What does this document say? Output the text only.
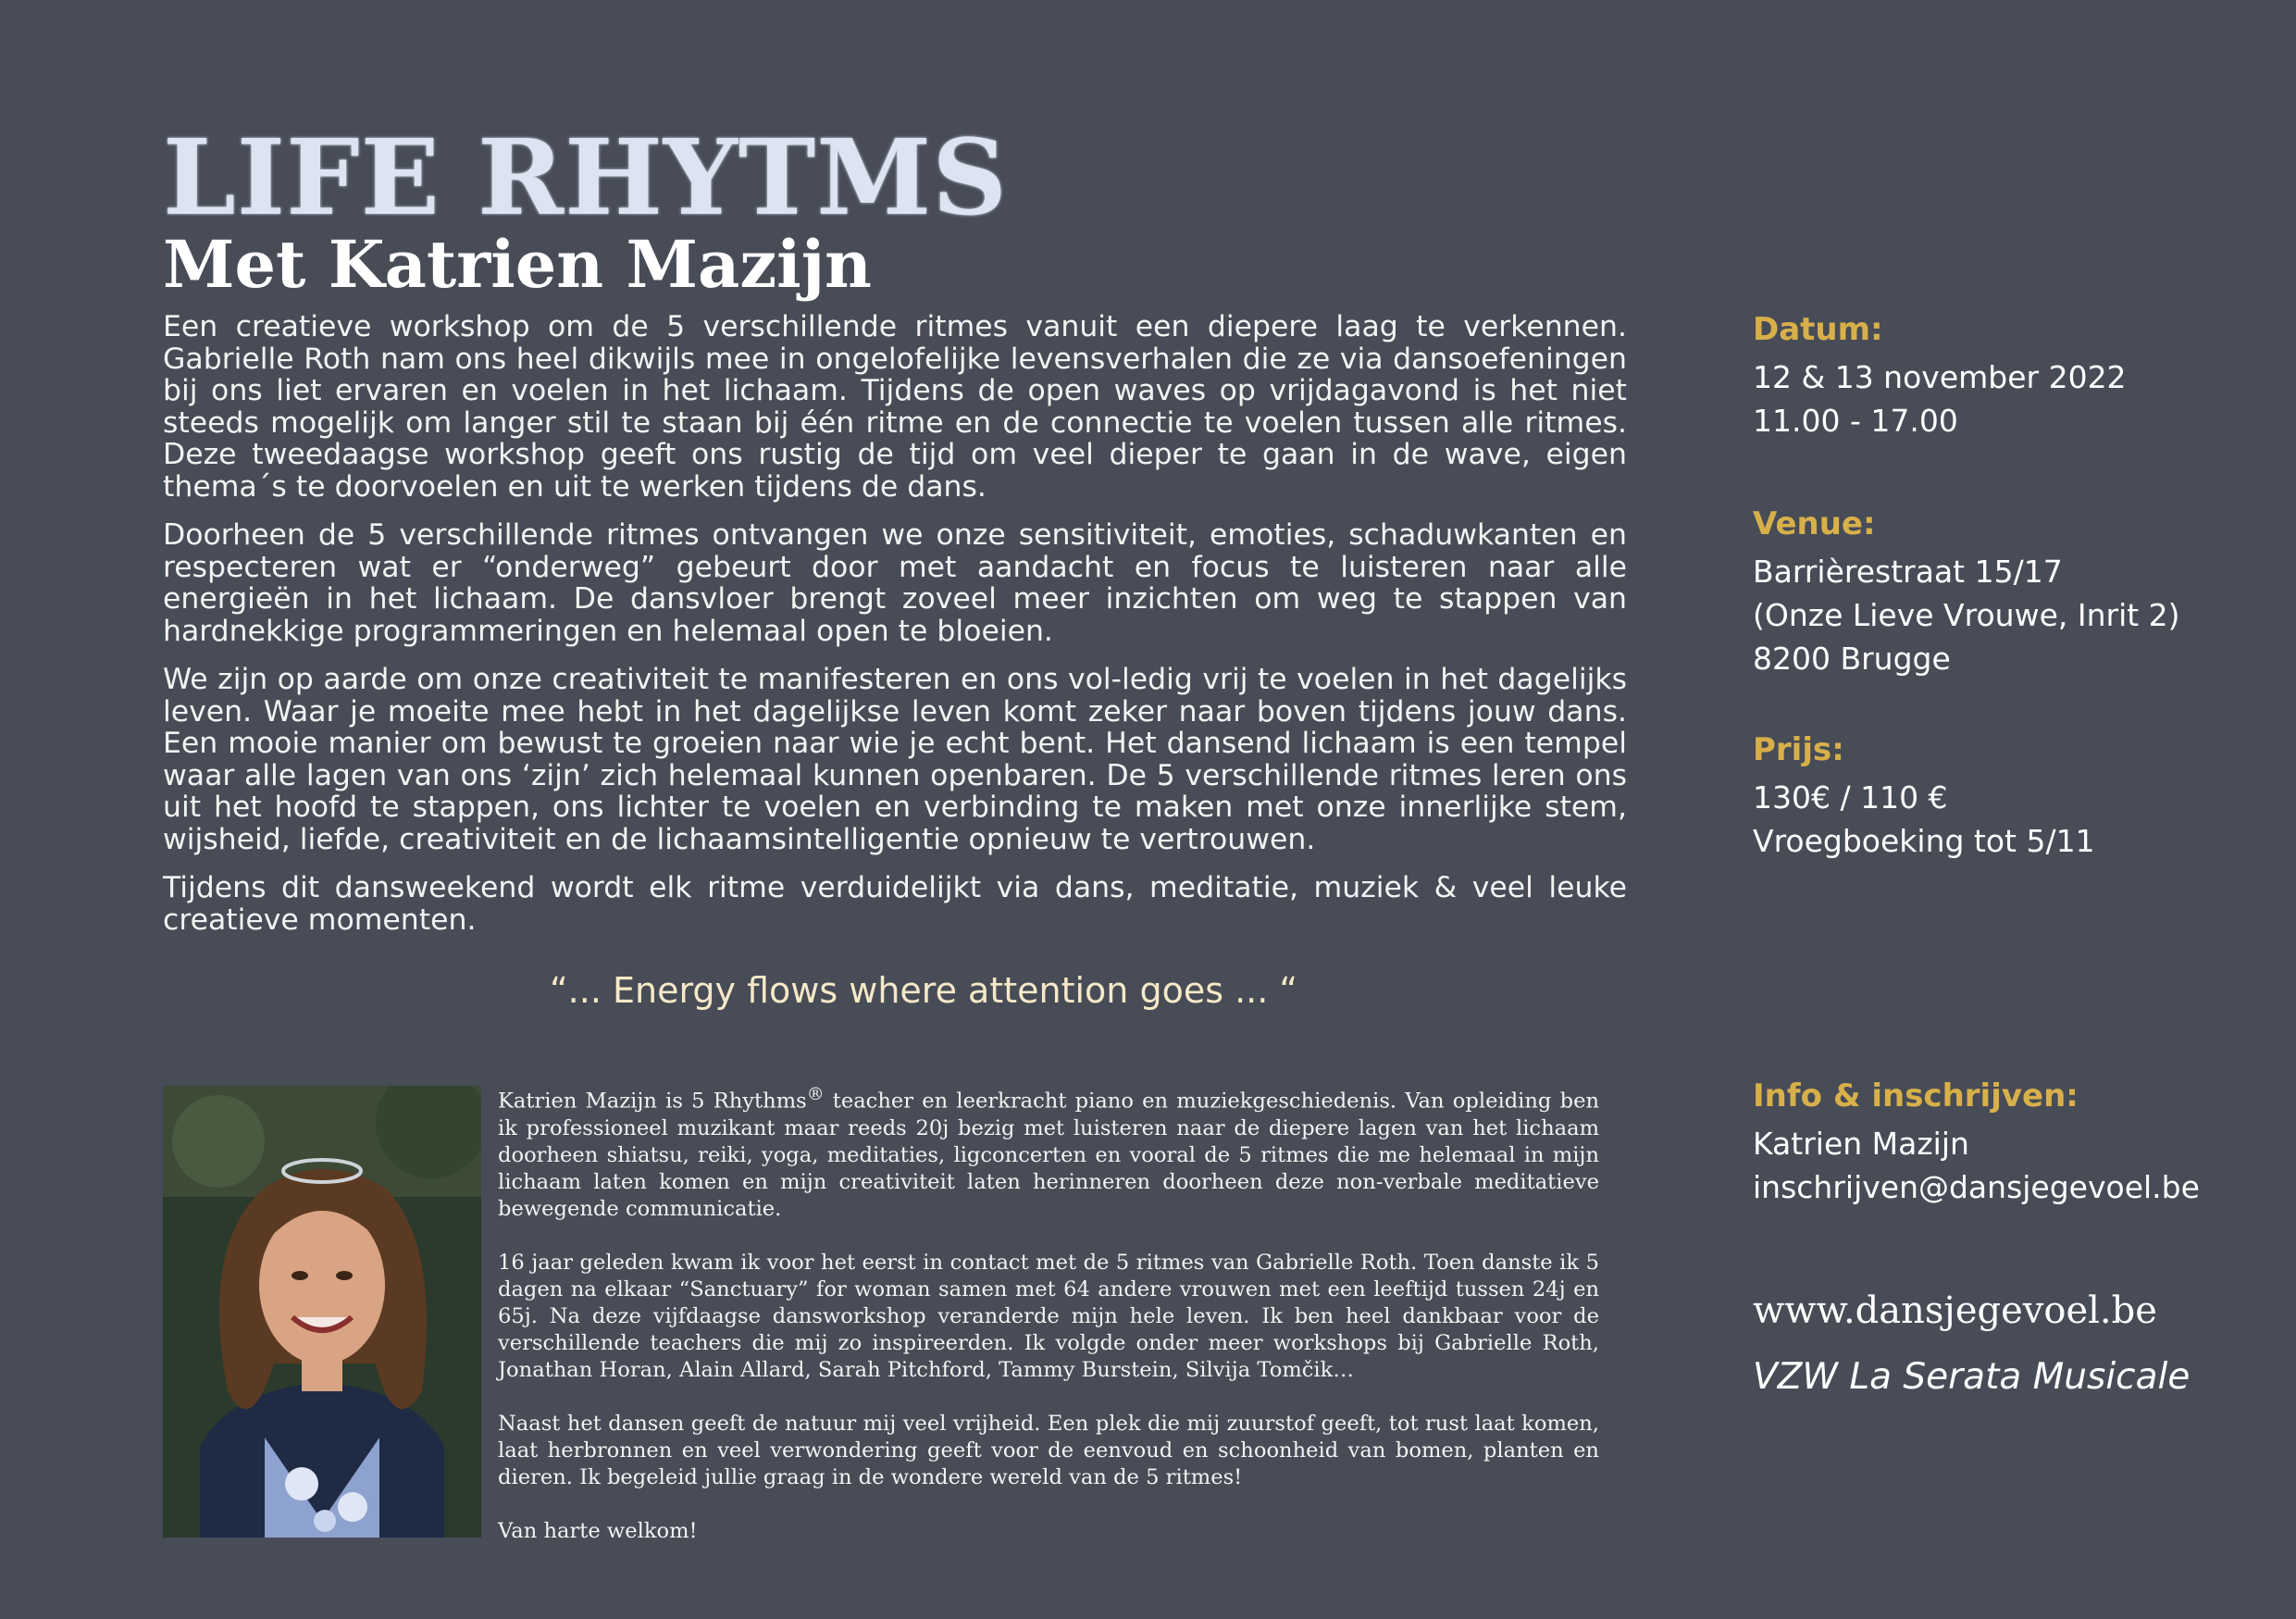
LIFE RHYTMS
Met Katrien Mazijn

Een creatieve workshop om de 5 verschillende ritmes vanuit een diepere laag te verkennen. Gabrielle Roth nam ons heel dikwijls mee in ongelofelijke levensverhalen die ze via dansoefeningen bij ons liet ervaren en voelen in het lichaam. Tijdens de open waves op vrijdagavond is het niet steeds mogelijk om langer stil te staan bij één ritme en de connectie te voelen tussen alle ritmes. Deze tweedaagse workshop geeft ons rustig de tijd om veel dieper te gaan in de wave, eigen thema´s te doorvoelen en uit te werken tijdens de dans.

Doorheen de 5 verschillende ritmes ontvangen we onze sensitiviteit, emoties, schaduwkanten en respecteren wat er “onderweg” gebeurt door met aandacht en focus te luisteren naar alle energieën in het lichaam. De dansvloer brengt zoveel meer inzichten om weg te stappen van hardnekkige programmeringen en helemaal open te bloeien.

We zijn op aarde om onze creativiteit te manifesteren en ons vol-ledig vrij te voelen in het dagelijks leven. Waar je moeite mee hebt in het dagelijkse leven komt zeker naar boven tijdens jouw dans. Een mooie manier om bewust te groeien naar wie je echt bent. Het dansend lichaam is een tempel waar alle lagen van ons ‘zijn’ zich helemaal kunnen openbaren. De 5 verschillende ritmes leren ons uit het hoofd te stappen, ons lichter te voelen en verbinding te maken met onze innerlijke stem, wijsheid, liefde, creativiteit en de lichaamsintelligentie opnieuw te vertrouwen.

Tijdens dit dansweekend wordt elk ritme verduidelijkt via dans, meditatie, muziek & veel leuke creatieve momenten.

“... Energy flows where attention goes ... “

Katrien Mazijn is 5 Rhythms® teacher en leerkracht piano en muziekgeschiedenis. Van opleiding ben ik professioneel muzikant maar reeds 20j bezig met luisteren naar de diepere lagen van het lichaam doorheen shiatsu, reiki, yoga, meditaties, ligconcerten en vooral de 5 ritmes die me helemaal in mijn lichaam laten komen en mijn creativiteit laten herinneren doorheen deze non-verbale meditatieve bewegende communicatie.

16 jaar geleden kwam ik voor het eerst in contact met de 5 ritmes van Gabrielle Roth. Toen danste ik 5 dagen na elkaar “Sanctuary” for woman samen met 64 andere vrouwen met een leeftijd tussen 24j en 65j. Na deze vijfdaagse dansworkshop veranderde mijn hele leven. Ik ben heel dankbaar voor de verschillende teachers die mij zo inspireerden. Ik volgde onder meer workshops bij Gabrielle Roth, Jonathan Horan, Alain Allard, Sarah Pitchford, Tammy Burstein, Silvija Tomčik…

Naast het dansen geeft de natuur mij veel vrijheid. Een plek die mij zuurstof geeft, tot rust laat komen, laat herbronnen en veel verwondering geeft voor de eenvoud en schoonheid van bomen, planten en dieren. Ik begeleid jullie graag in de wondere wereld van de 5 ritmes!

Van harte welkom!

Datum:
12 & 13 november 2022
11.00 - 17.00
Venue:
Barrièrestraat 15/17
(Onze Lieve Vrouwe, Inrit 2)
8200 Brugge
Prijs:
130€ / 110 €
Vroegboeking tot 5/11
Info & inschrijven:
Katrien Mazijn
inschrijven@dansjegevoel.be
www.dansjegevoel.be
VZW La Serata Musicale
